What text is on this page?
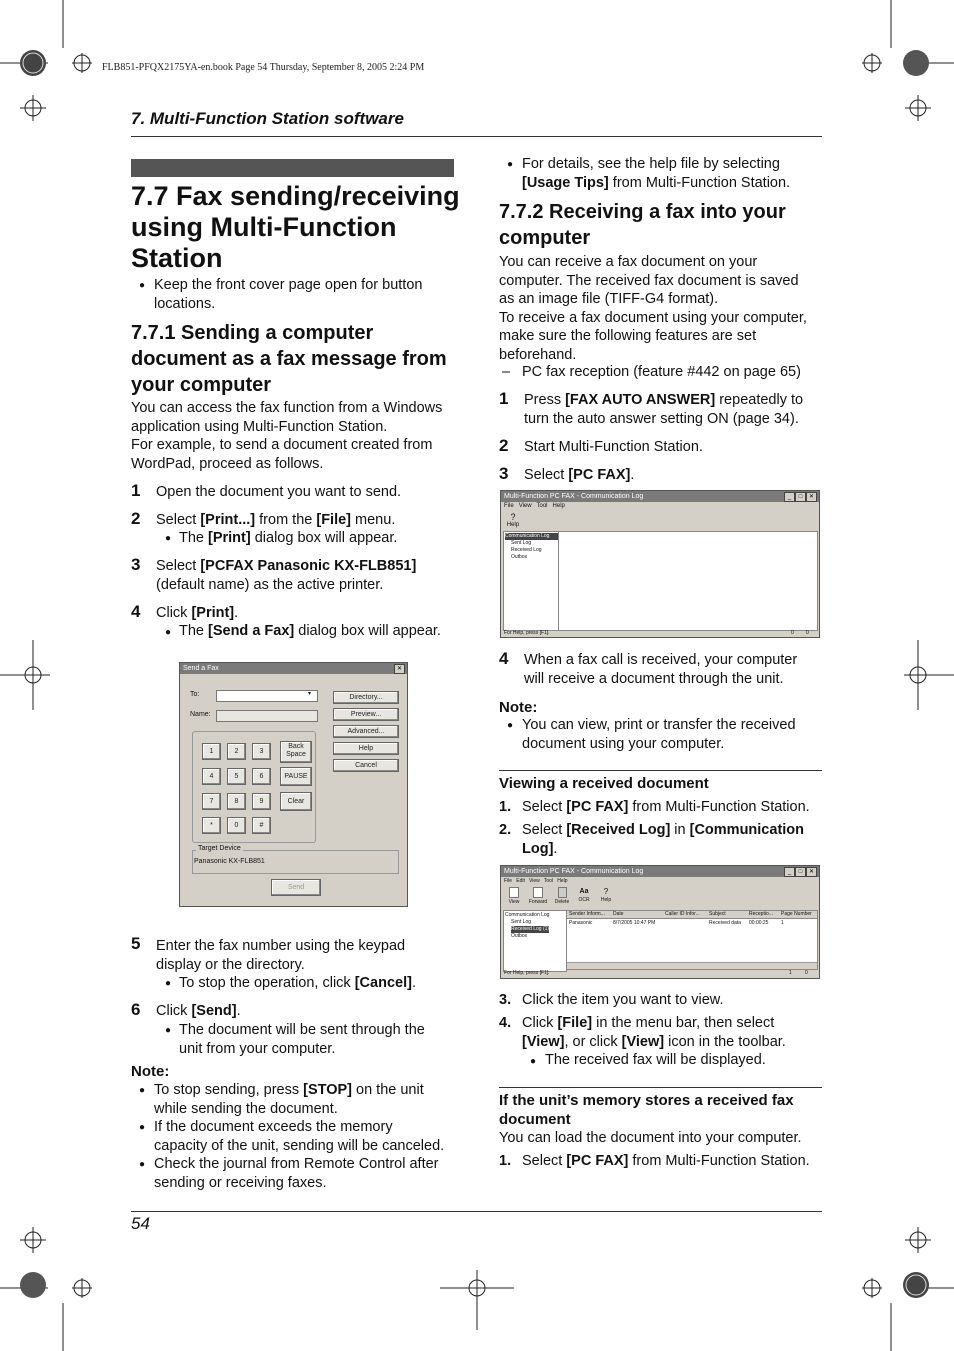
FLB851-PFQX2175YA-en.book Page 54 Thursday, September 8, 2005 2:24 PM
7. Multi-Function Station software
7.7 Fax sending/receiving
using Multi-Function
Station
● Keep the front cover page open for button
locations.
7.7.1 Sending a computer
document as a fax message from
your computer
You can access the fax function from a Windows
application using Multi-Function Station.
For example, to send a document created from
WordPad, proceed as follows.
1 Open the document you want to send.
2 Select [Print...] from the [File] menu.
● The [Print] dialog box will appear.
3 Select [PCFAX Panasonic KX-FLB851]
(default name) as the active printer.
4 Click [Print].
● The [Send a Fax] dialog box will appear.
Send a Fax	✕
To:	▾
Name:
Directory...
Preview...
Advanced...
Help
Cancel
1	2	3
4	5	6
7	8	9
*	0	#
Back Space
PAUSE
Clear
Target Device
Panasonic KX-FLB851
Send
5 Enter the fax number using the keypad
display or the directory.
● To stop the operation, click [Cancel].
6 Click [Send].
● The document will be sent through the
unit from your computer.
Note:
● To stop sending, press [STOP] on the unit
while sending the document.
● If the document exceeds the memory
capacity of the unit, sending will be canceled.
● Check the journal from Remote Control after
sending or receiving faxes.
● For details, see the help file by selecting
[Usage Tips] from Multi-Function Station.
7.7.2 Receiving a fax into your
computer
You can receive a fax document on your
computer. The received fax document is saved
as an image file (TIFF-G4 format).
To receive a fax document using your computer,
make sure the following features are set
beforehand.
– PC fax reception (feature #442 on page 65)
1 Press [FAX AUTO ANSWER] repeatedly to
turn the auto answer setting ON (page 34).
2 Start Multi-Function Station.
3 Select [PC FAX].
Multi-Function PC FAX - Communication Log	_	□	✕
File View Tool Help
?
Help
Communication Log
Sent Log
Received Log
Outbox
For Help, press [F1].	0 0
4 When a fax call is received, your computer
will receive a document through the unit.
Note:
● You can view, print or transfer the received
document using your computer.
Viewing a received document
1. Select [PC FAX] from Multi-Function Station.
2. Select [Received Log] in [Communication
Log].
Multi-Function PC FAX - Communication Log	_	□	✕
File Edit View Tool Help
View	Forward Delete
Aa
OCR
?
Help
Communication Log
Sent Log
Received Log (1)
Outbox
Sender Inform... Date	Caller ID Infor... Subject	Receptio... Page Number
Panasonic	8/7/2005 10:47 PM	Received data 00:00:25	1
For Help, press [F1].	1	0
3. Click the item you want to view.
4. Click [File] in the menu bar, then select
[View], or click [View] icon in the toolbar.
● The received fax will be displayed.
If the unit’s memory stores a received fax
document
You can load the document into your computer.
1. Select [PC FAX] from Multi-Function Station.
54
